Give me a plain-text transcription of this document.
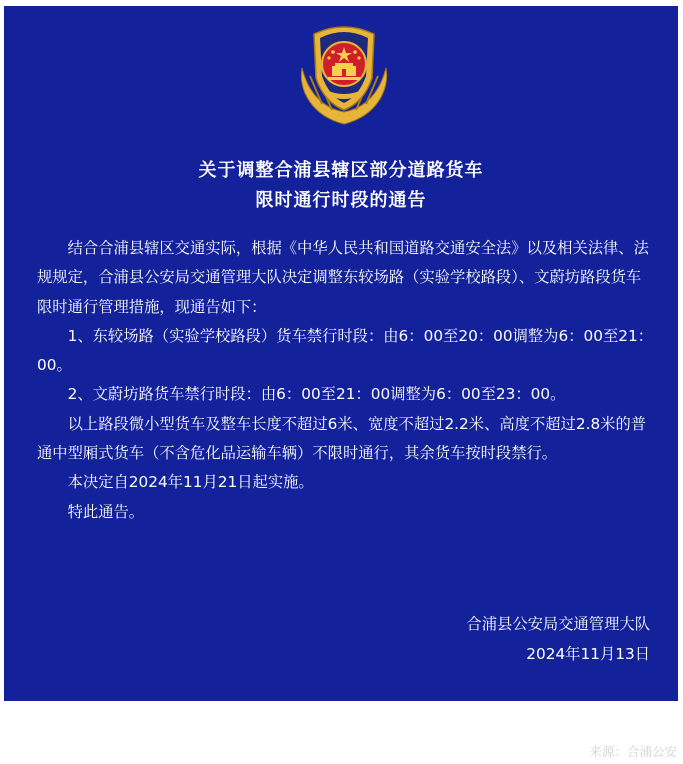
关于调整合浦县辖区部分道路货车
限时通行时段的通告

结合合浦县辖区交通实际，根据《中华人民共和国道路交通安全法》以及相关法律、法规规定，合浦县公安局交通管理大队决定调整东较场路（实验学校路段）、文蔚坊路段货车限时通行管理措施，现通告如下：

1、东较场路（实验学校路段）货车禁行时段：由6：00至20：00调整为6：00至21：00。

2、文蔚坊路货车禁行时段：由6：00至21：00调整为6：00至23：00。

以上路段微小型货车及整车长度不超过6米、宽度不超过2.2米、高度不超过2.8米的普通中型厢式货车（不含危化品运输车辆）不限时通行，其余货车按时段禁行。

本决定自2024年11月21日起实施。

特此通告。

合浦县公安局交通管理大队
2024年11月13日
来源：合浦公安
